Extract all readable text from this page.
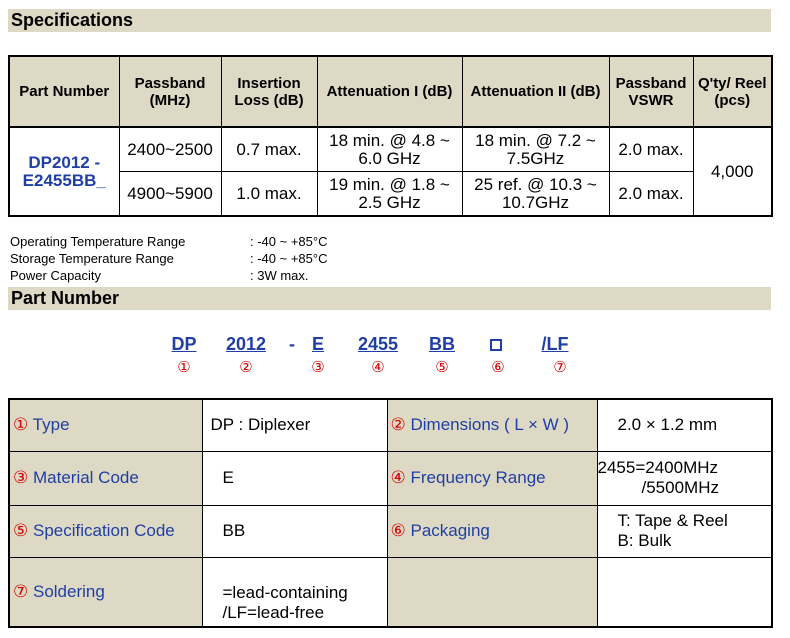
Specifications
Part Number	Passband (MHz)	Insertion Loss (dB)	Attenuation I (dB)	Attenuation II (dB)	Passband VSWR	Q'ty/ Reel (pcs)
DP2012 -E2455BB_	2400~2500	0.7 max.	18 min. @ 4.8 ~ 6.0 GHz	18 min. @ 7.2 ~ 7.5GHz	2.0 max.	4,000
	4900~5900	1.0 max.	19 min. @ 1.8 ~ 2.5 GHz	25 ref. @ 10.3 ~ 10.7GHz	2.0 max.	
Operating Temperature Range	: -40 ~ +85°C
Storage Temperature Range	: -40 ~ +85°C
Power Capacity	: 3W max.
Part Number
DP 2012 - E 2455 BB	/LF
①	②	③	④	⑤	⑥	⑦
① Type	DP : Diplexer	② Dimensions ( L × W )	2.0 × 1.2 mm
③ Material Code	E	④ Frequency Range	2455=2400MHz
/5500MHz

⑤ Specification Code	BB	⑥ Packaging	T: Tape & Reel
B: Bulk

⑦ Soldering	=lead-containing
/LF=lead-free		
